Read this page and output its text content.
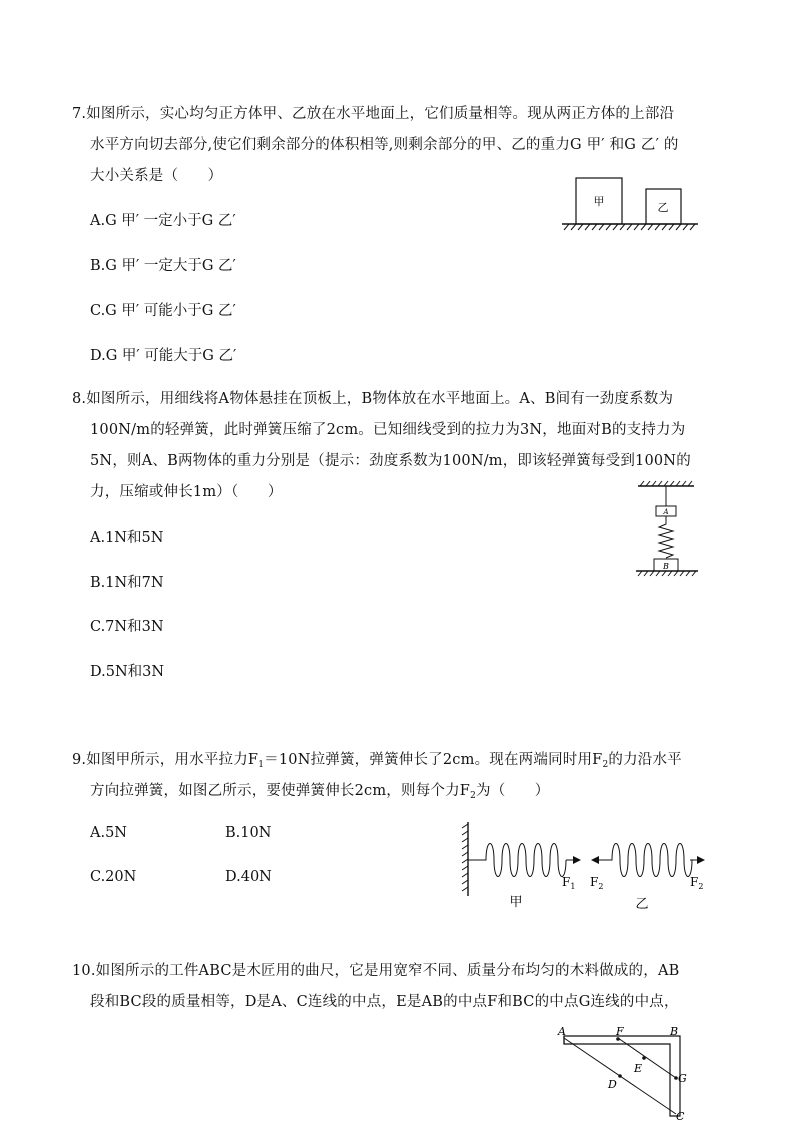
7.如图所示，实心均匀正方体甲、乙放在水平地面上，它们质量相等。现从两正方体的上部沿
水平方向切去部分,使它们剩余部分的体积相等,则剩余部分的甲、乙的重力G 甲′ 和G 乙′ 的
大小关系是（　　）
A.G 甲′ 一定小于G 乙′
B.G 甲′ 一定大于G 乙′
C.G 甲′ 可能小于G 乙′
D.G 甲′ 可能大于G 乙′
甲	乙
8.如图所示，用细线将A物体悬挂在顶板上，B物体放在水平地面上。A、B间有一劲度系数为
100N/m的轻弹簧，此时弹簧压缩了2cm。已知细线受到的拉力为3N，地面对B的支持力为
5N，则A、B两物体的重力分别是（提示：劲度系数为100N/m，即该轻弹簧每受到100N的
力，压缩或伸长1m）（　　）
A.1N和5N
B.1N和7N
C.7N和3N
D.5N和3N
A
B
9.如图甲所示，用水平拉力$F_1=10N$拉弹簧，弹簧伸长了2cm。现在两端同时用$F_2$的力沿水平
方向拉弹簧，如图乙所示，要使弹簧伸长2cm，则每个力$F_2$为（　　）
A.5N	B.10N
C.20N	D.40N	$F_1$
甲
$F_2$	$F_2$
乙
10.如图所示的工件ABC是木匠用的曲尺，它是用宽窄不同、质量分布均匀的木料做成的，AB
段和BC段的质量相等，D是A、C连线的中点，E是AB的中点F和BC的中点G连线的中点，
A	F	B
E
G
D
C
